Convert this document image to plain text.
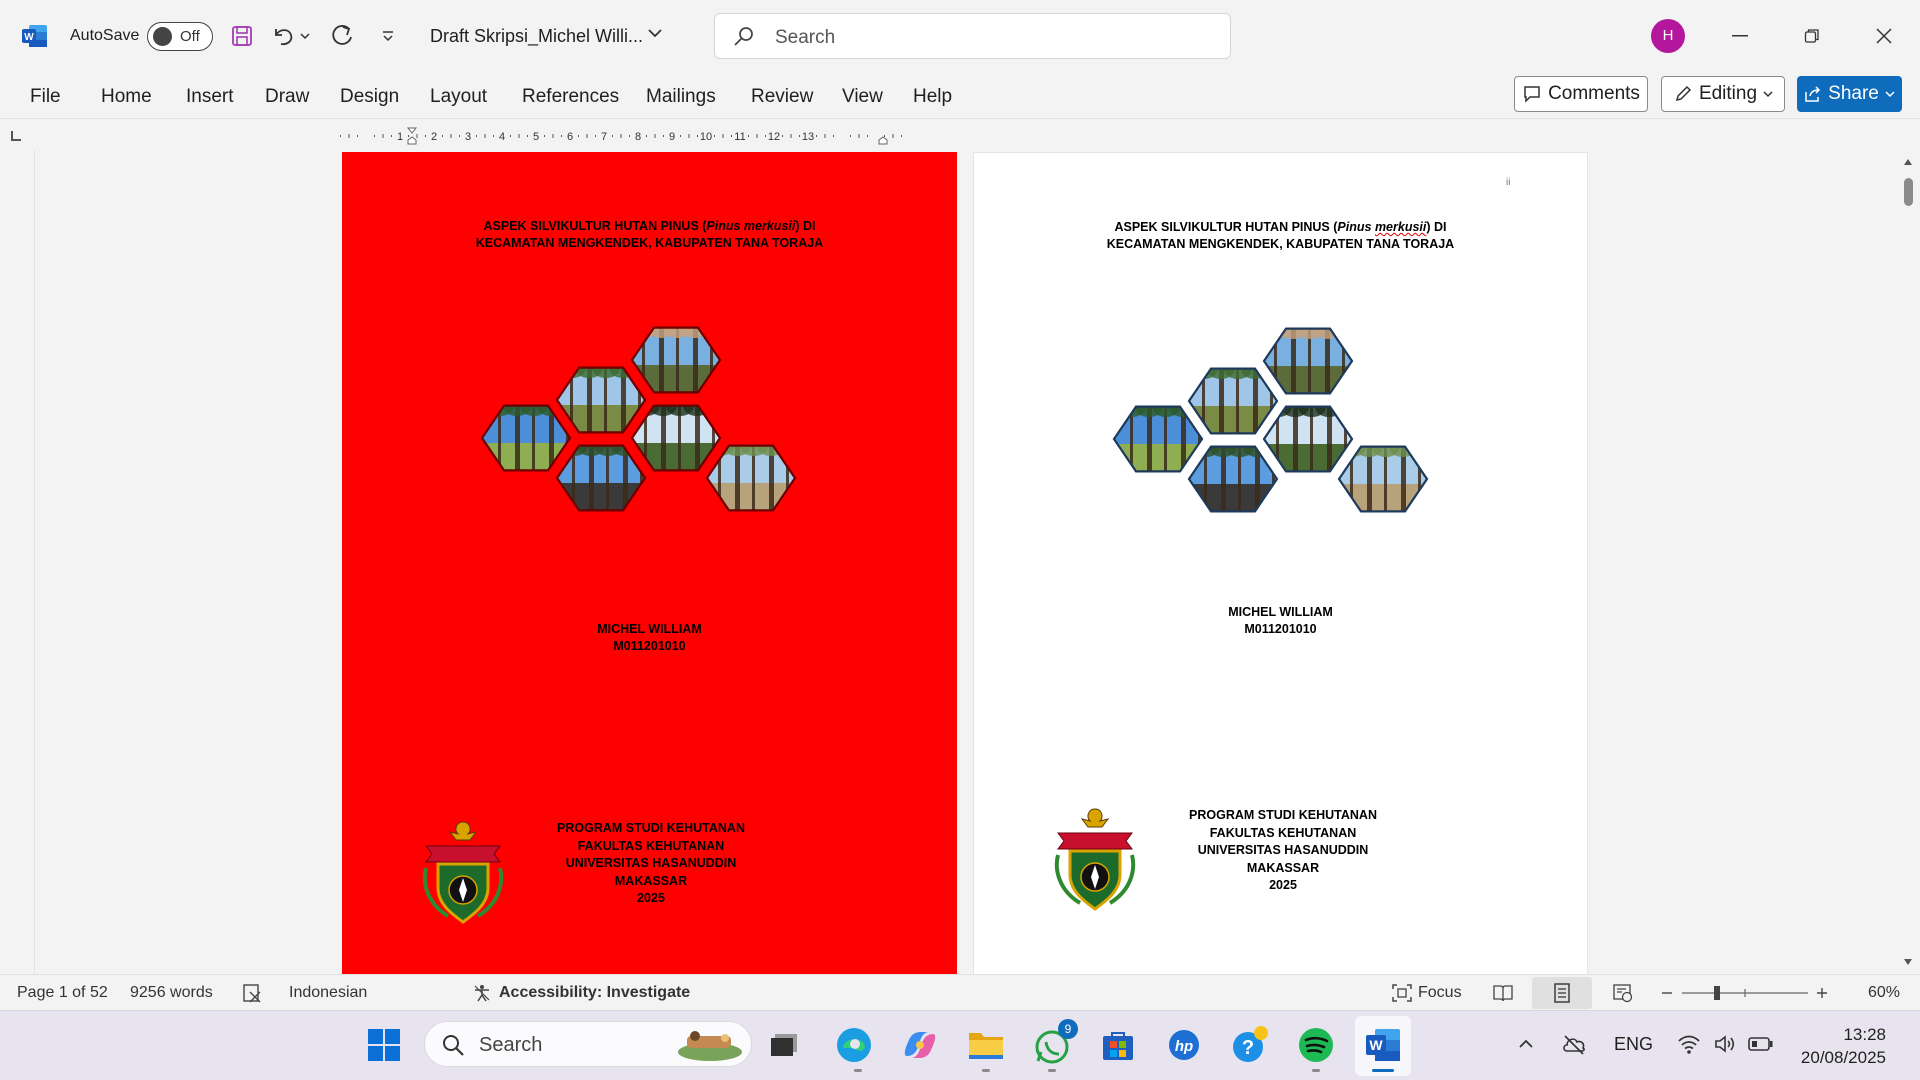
W AutoSave	Off	Draft Skripsi_Michel Willi...	Search	H
File Home Insert Draw Design Layout References Mailings Review View Help	Comments	Editing	Share
1	2	3	4	5	6	7	8	9 10 11 12 13
ASPEK SILVIKULTUR HUTAN PINUS (Pinus merkusii) DI
KECAMATAN MENGKENDEK, KABUPATEN TANA TORAJA
MICHEL WILLIAM
M011201010
PROGRAM STUDI KEHUTANAN
FAKULTAS KEHUTANAN
UNIVERSITAS HASANUDDIN
MAKASSAR
2025
ii
ASPEK SILVIKULTUR HUTAN PINUS (Pinus merkusii) DI
KECAMATAN MENGKENDEK, KABUPATEN TANA TORAJA
MICHEL WILLIAM
M011201010
PROGRAM STUDI KEHUTANAN
FAKULTAS KEHUTANAN
UNIVERSITAS HASANUDDIN
MAKASSAR
2025
Page 1 of 52 9256 words	Indonesian	Accessibility: Investigate	Focus	60%
Search
9
hp ?	W	ENG	13:28
20/08/2025
